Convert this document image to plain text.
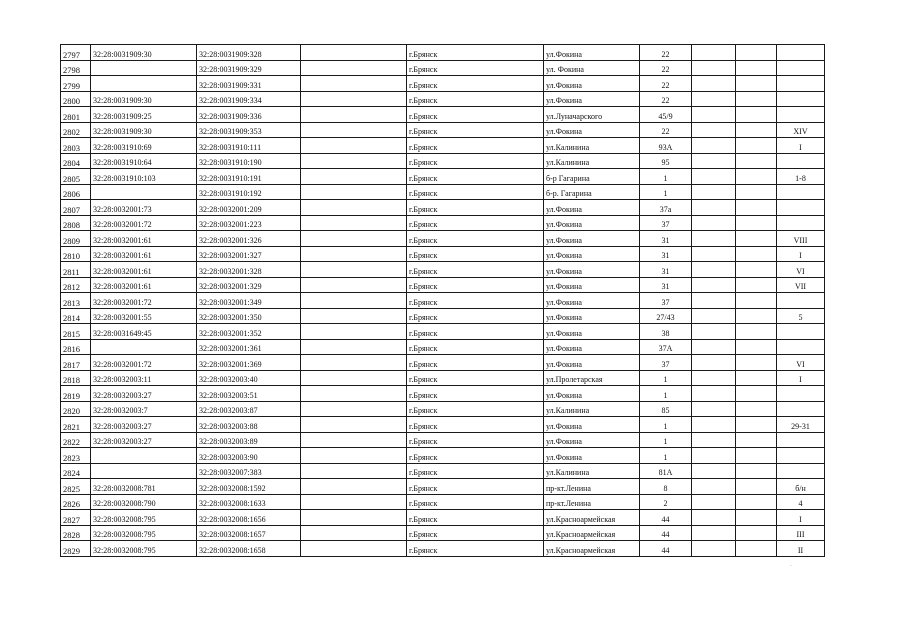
2797	32:28:0031909:30	32:28:0031909:328		г.Брянск	ул.Фокина	22			
2798		32:28:0031909:329		г.Брянск	ул. Фокина	22			
2799		32:28:0031909:331		г.Брянск	ул.Фокина	22			
2800	32:28:0031909:30	32:28:0031909:334		г.Брянск	ул.Фокина	22			
2801	32:28:0031909:25	32:28:0031909:336		г.Брянск	ул.Луначарского	45/9			
2802	32:28:0031909:30	32:28:0031909:353		г.Брянск	ул.Фокина	22			XIV
2803	32:28:0031910:69	32:28:0031910:111		г.Брянск	ул.Калинина	93А			I
2804	32:28:0031910:64	32:28:0031910:190		г.Брянск	ул.Калинина	95			
2805	32:28:0031910:103	32:28:0031910:191		г.Брянск	б-р Гагарина	1			1-8
2806		32:28:0031910:192		г.Брянск	б-р. Гагарина	1			
2807	32:28:0032001:73	32:28:0032001:209		г.Брянск	ул.Фокина	37а			
2808	32:28:0032001:72	32:28:0032001:223		г.Брянск	ул.Фокина	37			
2809	32:28:0032001:61	32:28:0032001:326		г.Брянск	ул.Фокина	31			VIII
2810	32:28:0032001:61	32:28:0032001:327		г.Брянск	ул.Фокина	31			I
2811	32:28:0032001:61	32:28:0032001:328		г.Брянск	ул.Фокина	31			VI
2812	32:28:0032001:61	32:28:0032001:329		г.Брянск	ул.Фокина	31			VII
2813	32:28:0032001:72	32:28:0032001:349		г.Брянск	ул.Фокина	37			
2814	32:28:0032001:55	32:28:0032001:350		г.Брянск	ул.Фокина	27/43			5
2815	32:28:0031649:45	32:28:0032001:352		г.Брянск	ул.Фокина	38			
2816		32:28:0032001:361		г.Брянск	ул.Фокина	37А			
2817	32:28:0032001:72	32:28:0032001:369		г.Брянск	ул.Фокина	37			VI
2818	32:28:0032003:11	32:28:0032003:40		г.Брянск	ул.Пролетарская	1			I
2819	32:28:0032003:27	32:28:0032003:51		г.Брянск	ул.Фокина	1			
2820	32:28:0032003:7	32:28:0032003:87		г.Брянск	ул.Калинина	85			
2821	32:28:0032003:27	32:28:0032003:88		г.Брянск	ул.Фокина	1			29-31
2822	32:28:0032003:27	32:28:0032003:89		г.Брянск	ул.Фокина	1			
2823		32:28:0032003:90		г.Брянск	ул.Фокина	1			
2824		32:28:0032007:383		г.Брянск	ул.Калинина	81А			
2825	32:28:0032008:781	32:28:0032008:1592		г.Брянск	пр-кт.Ленина	8			б/н
2826	32:28:0032008:790	32:28:0032008:1633		г.Брянск	пр-кт.Ленина	2			4
2827	32:28:0032008:795	32:28:0032008:1656		г.Брянск	ул.Красноармейская	44			I
2828	32:28:0032008:795	32:28:0032008:1657		г.Брянск	ул.Красноармейская	44			III
2829	32:28:0032008:795	32:28:0032008:1658		г.Брянск	ул.Красноармейская	44			II
·
